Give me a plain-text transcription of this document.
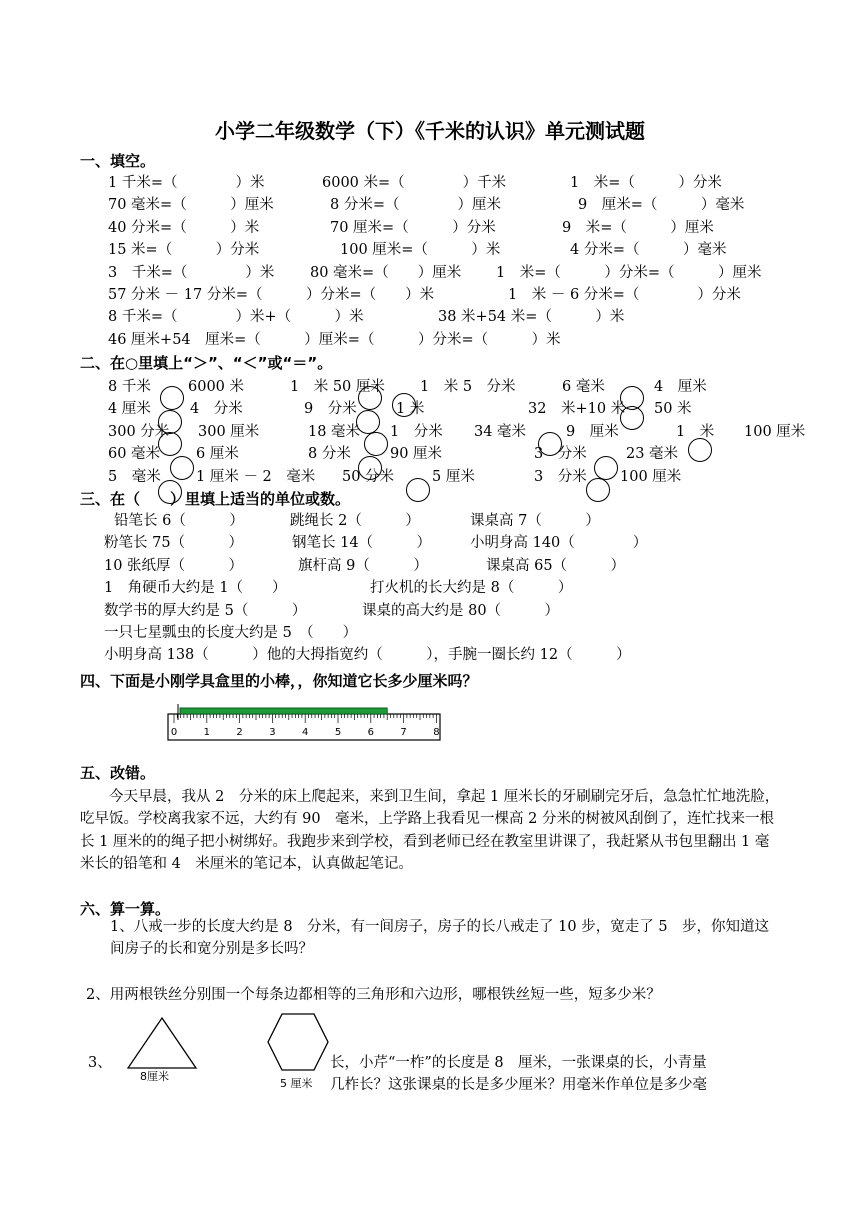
小学二年级数学（下）《千米的认识》单元测试题
一、填空。
1 千米=（　　　　）米	6000 米=（　　　　）千米	1　米=（　　　）分米
70 毫米=（　　　）厘米	8 分米=（　　　　）厘米	9　厘米=（　　　）毫米
40 分米=（　　　）米	70 厘米=（　　　）分米	9　米=（　　　）厘米
15 米=（　　　）分米	100 厘米=（　　　）米	4 分米=（　　　）毫米
3　千米=（　　　　）米 80 毫米=（　　）厘米 1　米=（　　　）分米=（　　　）厘米
57 分米 － 17 分米=（　　　）分米=（　　）米	1　米 － 6 分米=（　　　　）分米
8 千米=（　　　　）米+（　　　）米	38 米+54 米=（　　　）米
46 厘米+54　厘米=（　　　）厘米=（　　　）分米=（　　　）米
二、在○里填上“＞”、“＜”或“＝”。
8 千米	6000 米	1　米 50 厘米 1　米 5　分米	6 毫米	4　厘米
4 厘米	4　分米	9　分米	1 米	32　米+10 米 50 米
300 分米 300 厘米	18 毫米 1　分米 34 毫米	9　厘米	1　米 100 厘米
60 毫米 6 厘米	8 分米	90 厘米	3　分米	23 毫米
5　毫米 1 厘米 － 2　毫米 50 分米	5 厘米	3　分米 100 厘米
三、在（　　）里填上适当的单位或数。
铅笔长 6（　　　）	跳绳长 2（　　　）	课桌高 7（　　　）
粉笔长 75（　　　）	钢笔长 14（　　　）	小明身高 140（　　　　）
10 张纸厚（　　　）	旗杆高 9（　　　）	课桌高 65（　　　）
1　角硬币大约是 1（　　）	打火机的长大约是 8（　　　）
数学书的厚大约是 5（　　　）	课桌的高大约是 80（　　　）
一只七星瓢虫的长度大约是 5　（　　）
小明身高 138（　　　）他的大拇指宽约（　　　），手腕一圈长约 12（　　　）
四、下面是小刚学具盒里的小棒，，你知道它长多少厘米吗？
0	1	2	3	4	5	6	7	8
五、改错。
今天早晨，我从 2　分米的床上爬起来，来到卫生间，拿起 1 厘米长的牙刷刷完牙后，急急忙忙地洗脸，吃早饭。学校离我家不远，大约有 90　毫米，上学路上我看见一棵高 2 分米的树被风刮倒了，连忙找来一根长 1 厘米的的绳子把小树绑好。我跑步来到学校，看到老师已经在教室里讲课了，我赶紧从书包里翻出 1 毫米长的铅笔和 4　米厘米的笔记本，认真做起笔记。
六、算一算。
1、八戒一步的长度大约是 8　分米，有一间房子，房子的长八戒走了 10 步，宽走了 5　步，你知道这间房子的长和宽分别是多长吗？
2、用两根铁丝分别围一个每条边都相等的三角形和六边形，哪根铁丝短一些，短多少米？
3、	长，小芹“一柞”的长度是 8　厘米，一张课桌的长，小青量
几柞长？这张课桌的长是多少厘米？用毫米作单位是多少毫
8厘米
5 厘米
